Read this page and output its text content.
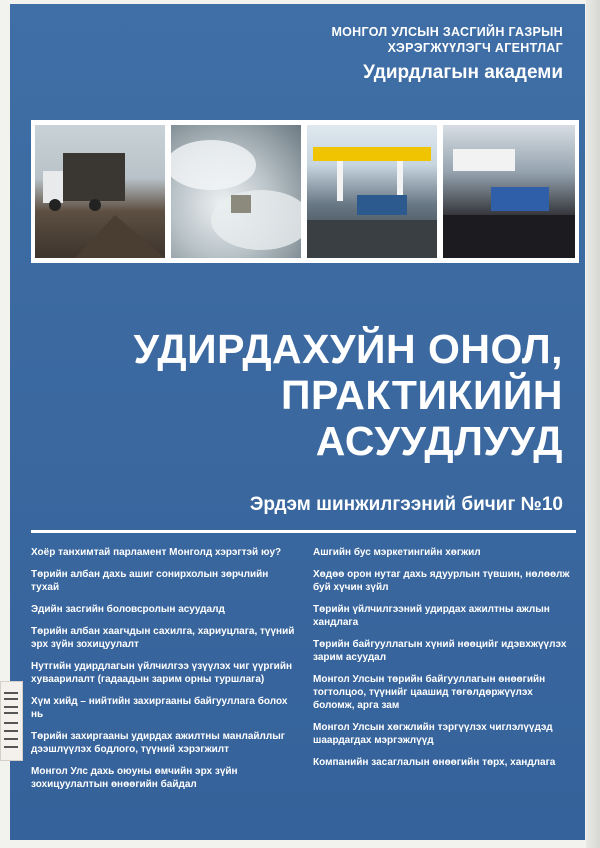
МОНГОЛ УЛСЫН ЗАСГИЙН ГАЗРЫН
ХЭРЭГЖҮҮЛЭГЧ АГЕНТЛАГ
Удирдлагын академи
УДИРДАХУЙН ОНОЛ,
ПРАКТИКИЙН
АСУУДЛУУД
Эрдэм шинжилгээний бичиг №10
Хоёр танхимтай парламент Монголд хэрэгтэй юу?
Төрийн албан дахь ашиг сонирхолын зөрчлийн тухай
Эдийн засгийн боловсролын асуудалд
Төрийн албан хаагчдын сахилга, хариуцлага, түүний эрх зүйн зохицуулалт
Нутгийн удирдлагын үйлчилгээ үзүүлэх чиг үүргийн хуваарилалт (гадаадын зарим орны туршлага)
Хүм хийд – нийтийн захиргааны байгууллага болох нь
Төрийн захиргааны удирдах ажилтны манлайллыг дээшлүүлэх бодлого, түүний хэрэгжилт
Монгол Улс дахь оюуны өмчийн эрх зүйн зохицуулалтын өнөөгийн байдал
Ашгийн бус мэркетингийн хөгжил
Хөдөө орон нутаг дахь ядуурлын түвшин, нөлөөлж буй хүчин зүйл
Төрийн үйлчилгээний удирдах ажилтны ажлын хандлага
Төрийн байгууллагын хүний нөөцийг идэвхжүүлэх зарим асуудал
Монгол Улсын төрийн байгууллагын өнөөгийн тогтолцоо, түүнийг цаашид төгөлдөржүүлэх боломж, арга зам
Монгол Улсын хөгжлийн тэргүүлэх чиглэлүүдэд шаардагдах мэргэжлүүд
Компанийн засаглалын өнөөгийн төрх, хандлага
